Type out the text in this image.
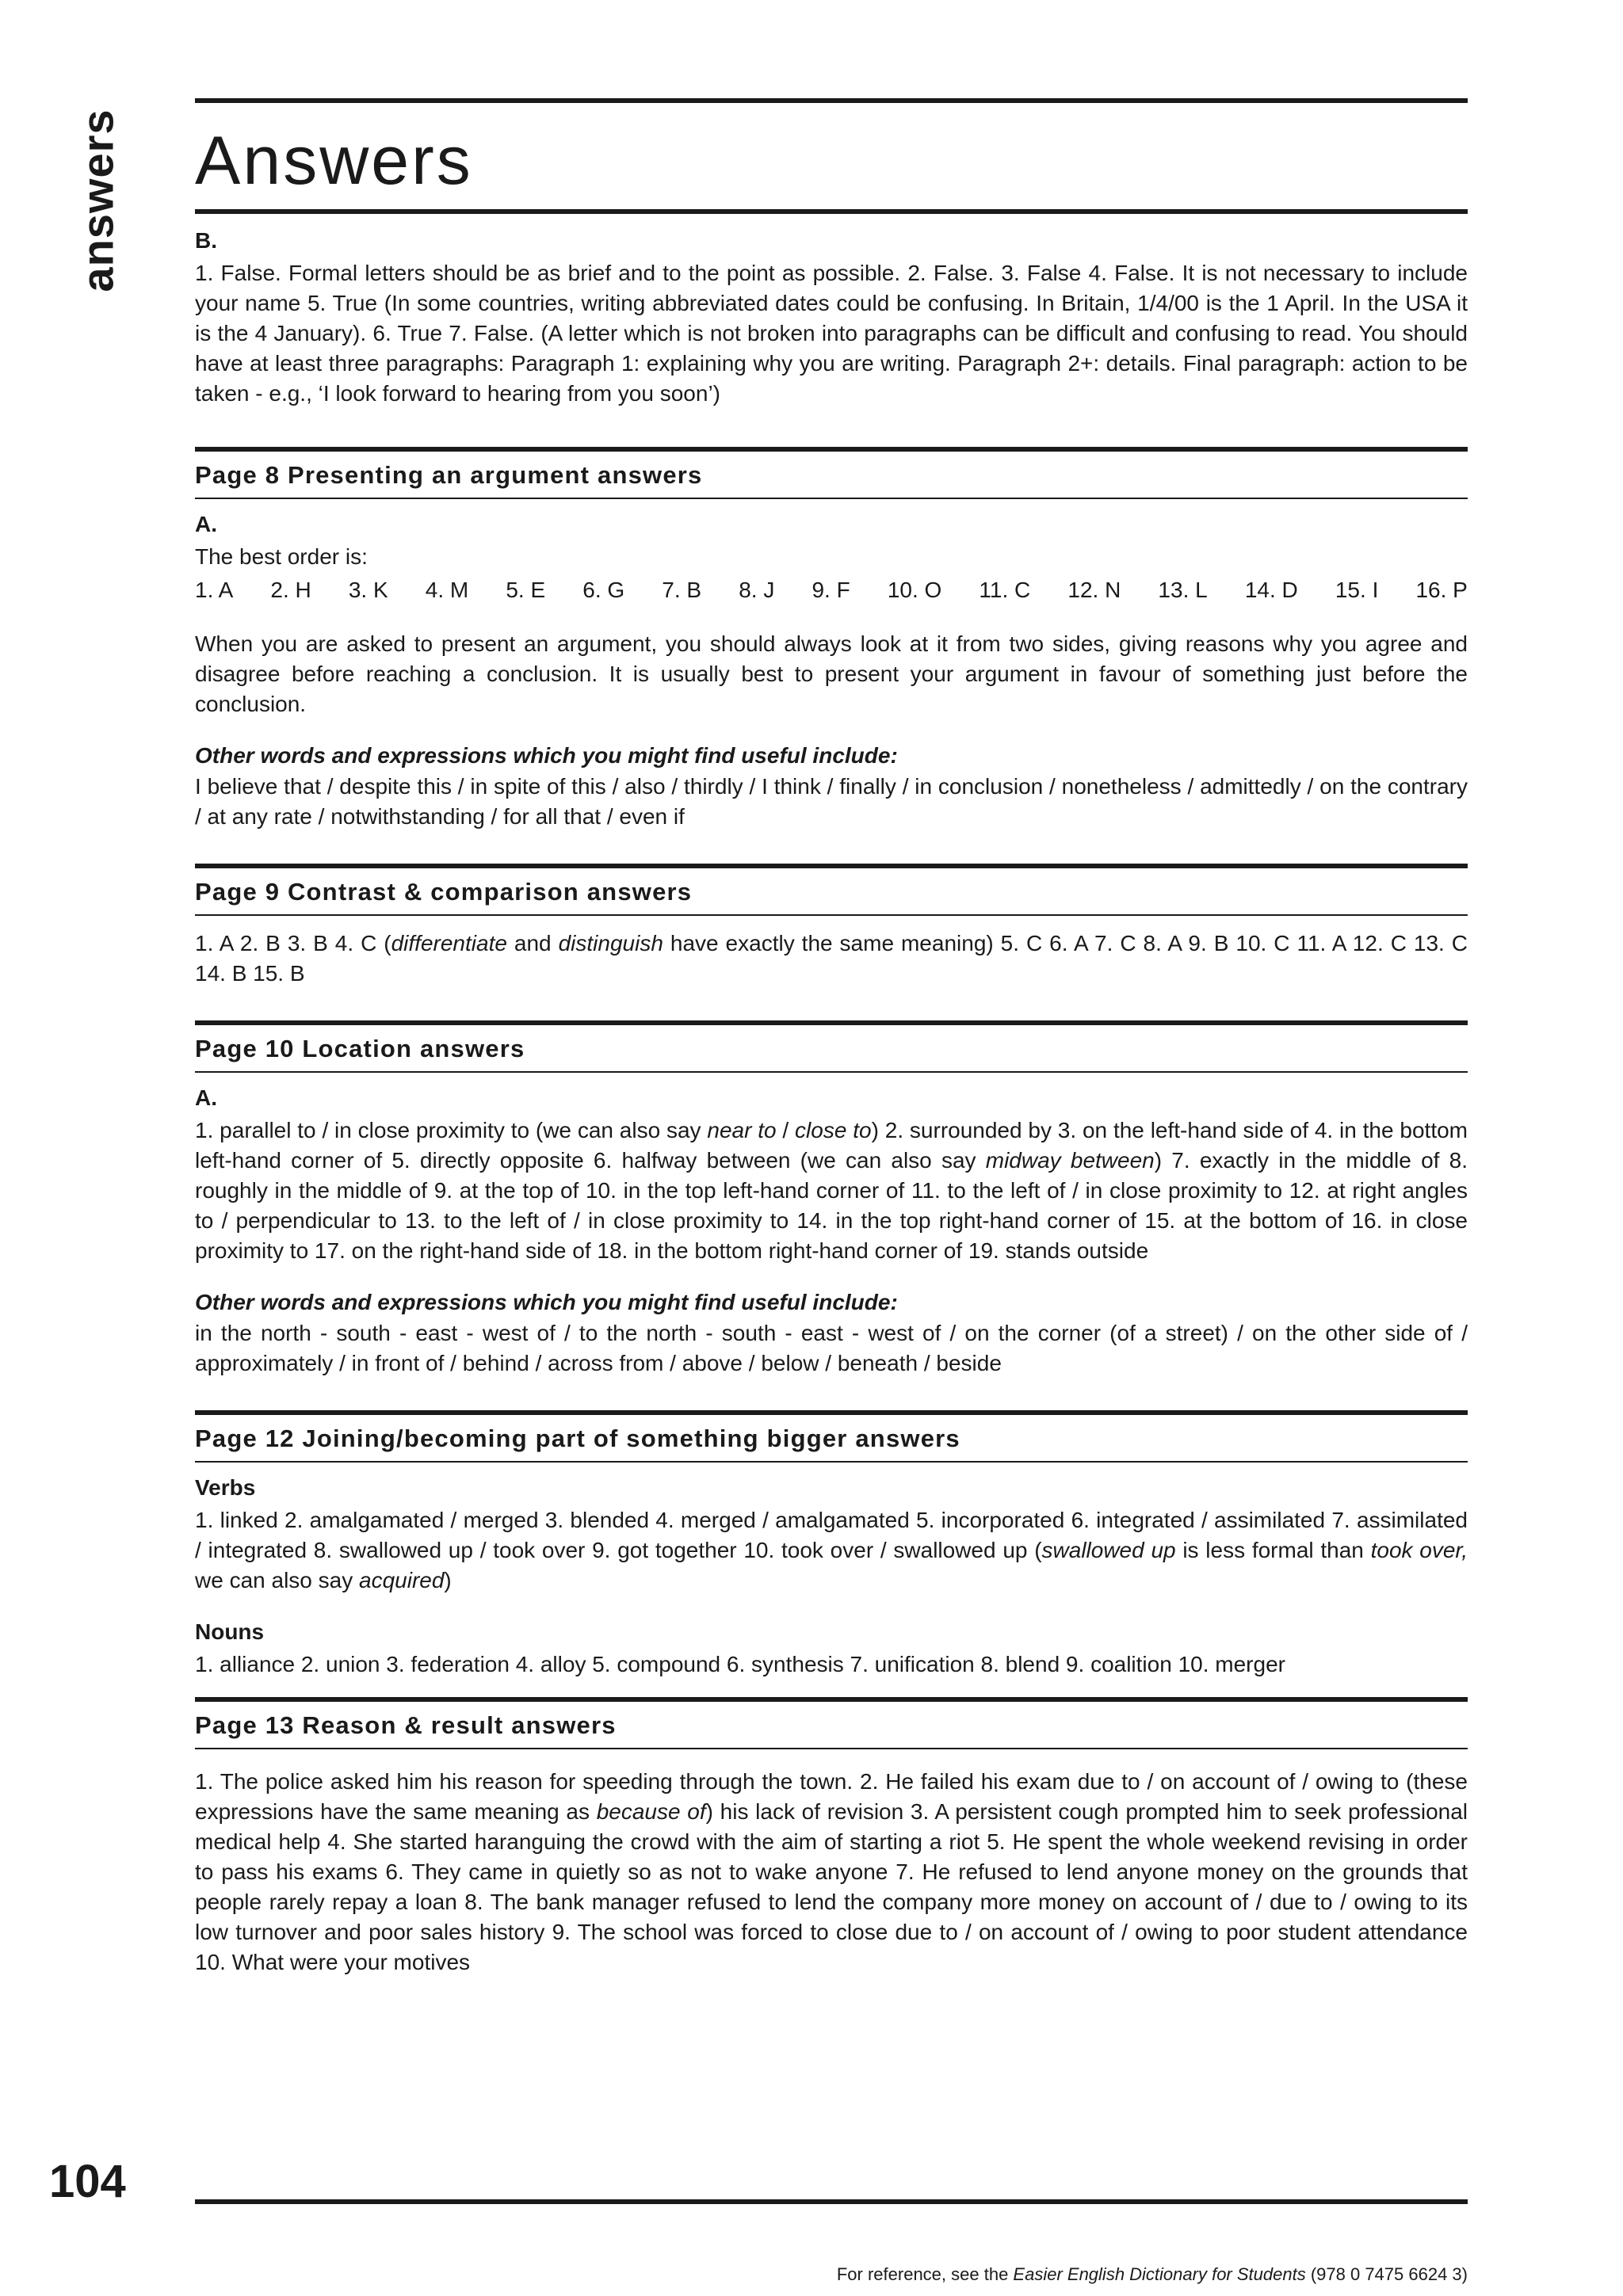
answers
104
Answers
B.

1. False. Formal letters should be as brief and to the point as possible. 2. False. 3. False 4. False. It is not necessary to include your name 5. True (In some countries, writing abbreviated dates could be confusing. In Britain, 1/4/00 is the 1 April. In the USA it is the 4 January). 6. True 7. False. (A letter which is not broken into paragraphs can be difficult and confusing to read. You should have at least three paragraphs: Paragraph 1: explaining why you are writing. Paragraph 2+: details. Final paragraph: action to be taken - e.g., ‘I look forward to hearing from you soon’)

Page 8 Presenting an argument answers
A.

The best order is:

1. A 2. H 3. K 4. M 5. E 6. G 7. B 8. J 9. F 10. O 11. C 12. N 13. L 14. D 15. I 16. P

When you are asked to present an argument, you should always look at it from two sides, giving reasons why you agree and disagree before reaching a conclusion. It is usually best to present your argument in favour of something just before the conclusion.

Other words and expressions which you might find useful include:

I believe that / despite this / in spite of this / also / thirdly / I think / finally / in conclusion / nonetheless / admittedly / on the contrary / at any rate / notwithstanding / for all that / even if

Page 9 Contrast & comparison answers

1. A 2. B 3. B 4. C (differentiate and distinguish have exactly the same meaning) 5. C 6. A 7. C 8. A 9. B 10. C 11. A 12. C 13. C 14. B 15. B

Page 10 Location answers
A.

1. parallel to / in close proximity to (we can also say near to / close to) 2. surrounded by 3. on the left-hand side of 4. in the bottom left-hand corner of 5. directly opposite 6. halfway between (we can also say midway between) 7. exactly in the middle of 8. roughly in the middle of 9. at the top of 10. in the top left-hand corner of 11. to the left of / in close proximity to 12. at right angles to / perpendicular to 13. to the left of / in close proximity to 14. in the top right-hand corner of 15. at the bottom of 16. in close proximity to 17. on the right-hand side of 18. in the bottom right-hand corner of 19. stands outside

Other words and expressions which you might find useful include:

in the north - south - east - west of / to the north - south - east - west of / on the corner (of a street) / on the other side of / approximately / in front of / behind / across from / above / below / beneath / beside

Page 12 Joining/becoming part of something bigger answers
Verbs

1. linked 2. amalgamated / merged 3. blended 4. merged / amalgamated 5. incorporated 6. integrated / assimilated 7. assimilated / integrated 8. swallowed up / took over 9. got together 10. took over / swallowed up (swallowed up is less formal than took over, we can also say acquired)

Nouns

1. alliance 2. union 3. federation 4. alloy 5. compound 6. synthesis 7. unification 8. blend 9. coalition 10. merger

Page 13 Reason & result answers

1. The police asked him his reason for speeding through the town. 2. He failed his exam due to / on account of / owing to (these expressions have the same meaning as because of) his lack of revision 3. A persistent cough prompted him to seek professional medical help 4. She started haranguing the crowd with the aim of starting a riot 5. He spent the whole weekend revising in order to pass his exams 6. They came in quietly so as not to wake anyone 7. He refused to lend anyone money on the grounds that people rarely repay a loan 8. The bank manager refused to lend the company more money on account of / due to / owing to its low turnover and poor sales history 9. The school was forced to close due to / on account of / owing to poor student attendance 10. What were your motives

For reference, see the Easier English Dictionary for Students (978 0 7475 6624 3)
